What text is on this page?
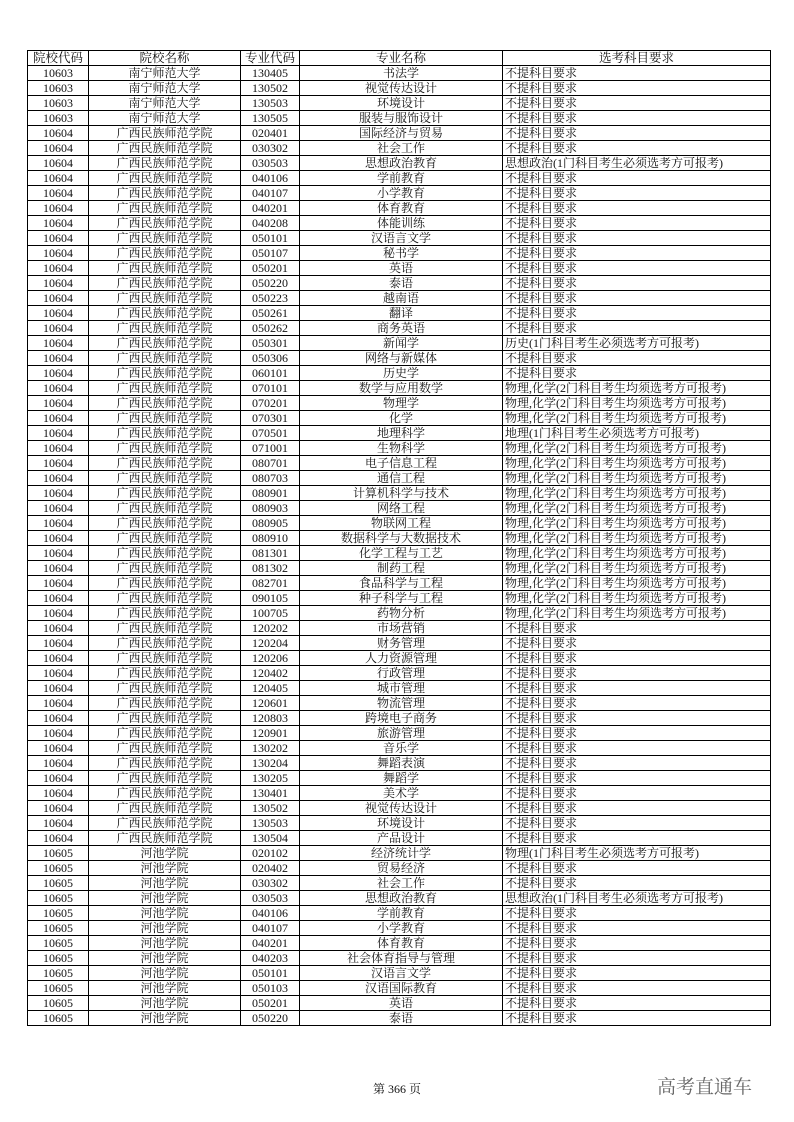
院校代码	院校名称	专业代码	专业名称	选考科目要求
10603	南宁师范大学	130405	书法学	不提科目要求
10603	南宁师范大学	130502	视觉传达设计	不提科目要求
10603	南宁师范大学	130503	环境设计	不提科目要求
10603	南宁师范大学	130505	服装与服饰设计	不提科目要求
10604	广西民族师范学院	020401	国际经济与贸易	不提科目要求
10604	广西民族师范学院	030302	社会工作	不提科目要求
10604	广西民族师范学院	030503	思想政治教育	思想政治(1门科目考生必须选考方可报考)
10604	广西民族师范学院	040106	学前教育	不提科目要求
10604	广西民族师范学院	040107	小学教育	不提科目要求
10604	广西民族师范学院	040201	体育教育	不提科目要求
10604	广西民族师范学院	040208	体能训练	不提科目要求
10604	广西民族师范学院	050101	汉语言文学	不提科目要求
10604	广西民族师范学院	050107	秘书学	不提科目要求
10604	广西民族师范学院	050201	英语	不提科目要求
10604	广西民族师范学院	050220	泰语	不提科目要求
10604	广西民族师范学院	050223	越南语	不提科目要求
10604	广西民族师范学院	050261	翻译	不提科目要求
10604	广西民族师范学院	050262	商务英语	不提科目要求
10604	广西民族师范学院	050301	新闻学	历史(1门科目考生必须选考方可报考)
10604	广西民族师范学院	050306	网络与新媒体	不提科目要求
10604	广西民族师范学院	060101	历史学	不提科目要求
10604	广西民族师范学院	070101	数学与应用数学	物理,化学(2门科目考生均须选考方可报考)
10604	广西民族师范学院	070201	物理学	物理,化学(2门科目考生均须选考方可报考)
10604	广西民族师范学院	070301	化学	物理,化学(2门科目考生均须选考方可报考)
10604	广西民族师范学院	070501	地理科学	地理(1门科目考生必须选考方可报考)
10604	广西民族师范学院	071001	生物科学	物理,化学(2门科目考生均须选考方可报考)
10604	广西民族师范学院	080701	电子信息工程	物理,化学(2门科目考生均须选考方可报考)
10604	广西民族师范学院	080703	通信工程	物理,化学(2门科目考生均须选考方可报考)
10604	广西民族师范学院	080901	计算机科学与技术	物理,化学(2门科目考生均须选考方可报考)
10604	广西民族师范学院	080903	网络工程	物理,化学(2门科目考生均须选考方可报考)
10604	广西民族师范学院	080905	物联网工程	物理,化学(2门科目考生均须选考方可报考)
10604	广西民族师范学院	080910	数据科学与大数据技术	物理,化学(2门科目考生均须选考方可报考)
10604	广西民族师范学院	081301	化学工程与工艺	物理,化学(2门科目考生均须选考方可报考)
10604	广西民族师范学院	081302	制药工程	物理,化学(2门科目考生均须选考方可报考)
10604	广西民族师范学院	082701	食品科学与工程	物理,化学(2门科目考生均须选考方可报考)
10604	广西民族师范学院	090105	种子科学与工程	物理,化学(2门科目考生均须选考方可报考)
10604	广西民族师范学院	100705	药物分析	物理,化学(2门科目考生均须选考方可报考)
10604	广西民族师范学院	120202	市场营销	不提科目要求
10604	广西民族师范学院	120204	财务管理	不提科目要求
10604	广西民族师范学院	120206	人力资源管理	不提科目要求
10604	广西民族师范学院	120402	行政管理	不提科目要求
10604	广西民族师范学院	120405	城市管理	不提科目要求
10604	广西民族师范学院	120601	物流管理	不提科目要求
10604	广西民族师范学院	120803	跨境电子商务	不提科目要求
10604	广西民族师范学院	120901	旅游管理	不提科目要求
10604	广西民族师范学院	130202	音乐学	不提科目要求
10604	广西民族师范学院	130204	舞蹈表演	不提科目要求
10604	广西民族师范学院	130205	舞蹈学	不提科目要求
10604	广西民族师范学院	130401	美术学	不提科目要求
10604	广西民族师范学院	130502	视觉传达设计	不提科目要求
10604	广西民族师范学院	130503	环境设计	不提科目要求
10604	广西民族师范学院	130504	产品设计	不提科目要求
10605	河池学院	020102	经济统计学	物理(1门科目考生必须选考方可报考)
10605	河池学院	020402	贸易经济	不提科目要求
10605	河池学院	030302	社会工作	不提科目要求
10605	河池学院	030503	思想政治教育	思想政治(1门科目考生必须选考方可报考)
10605	河池学院	040106	学前教育	不提科目要求
10605	河池学院	040107	小学教育	不提科目要求
10605	河池学院	040201	体育教育	不提科目要求
10605	河池学院	040203	社会体育指导与管理	不提科目要求
10605	河池学院	050101	汉语言文学	不提科目要求
10605	河池学院	050103	汉语国际教育	不提科目要求
10605	河池学院	050201	英语	不提科目要求
10605	河池学院	050220	泰语	不提科目要求
第 366 页	高考直通车
